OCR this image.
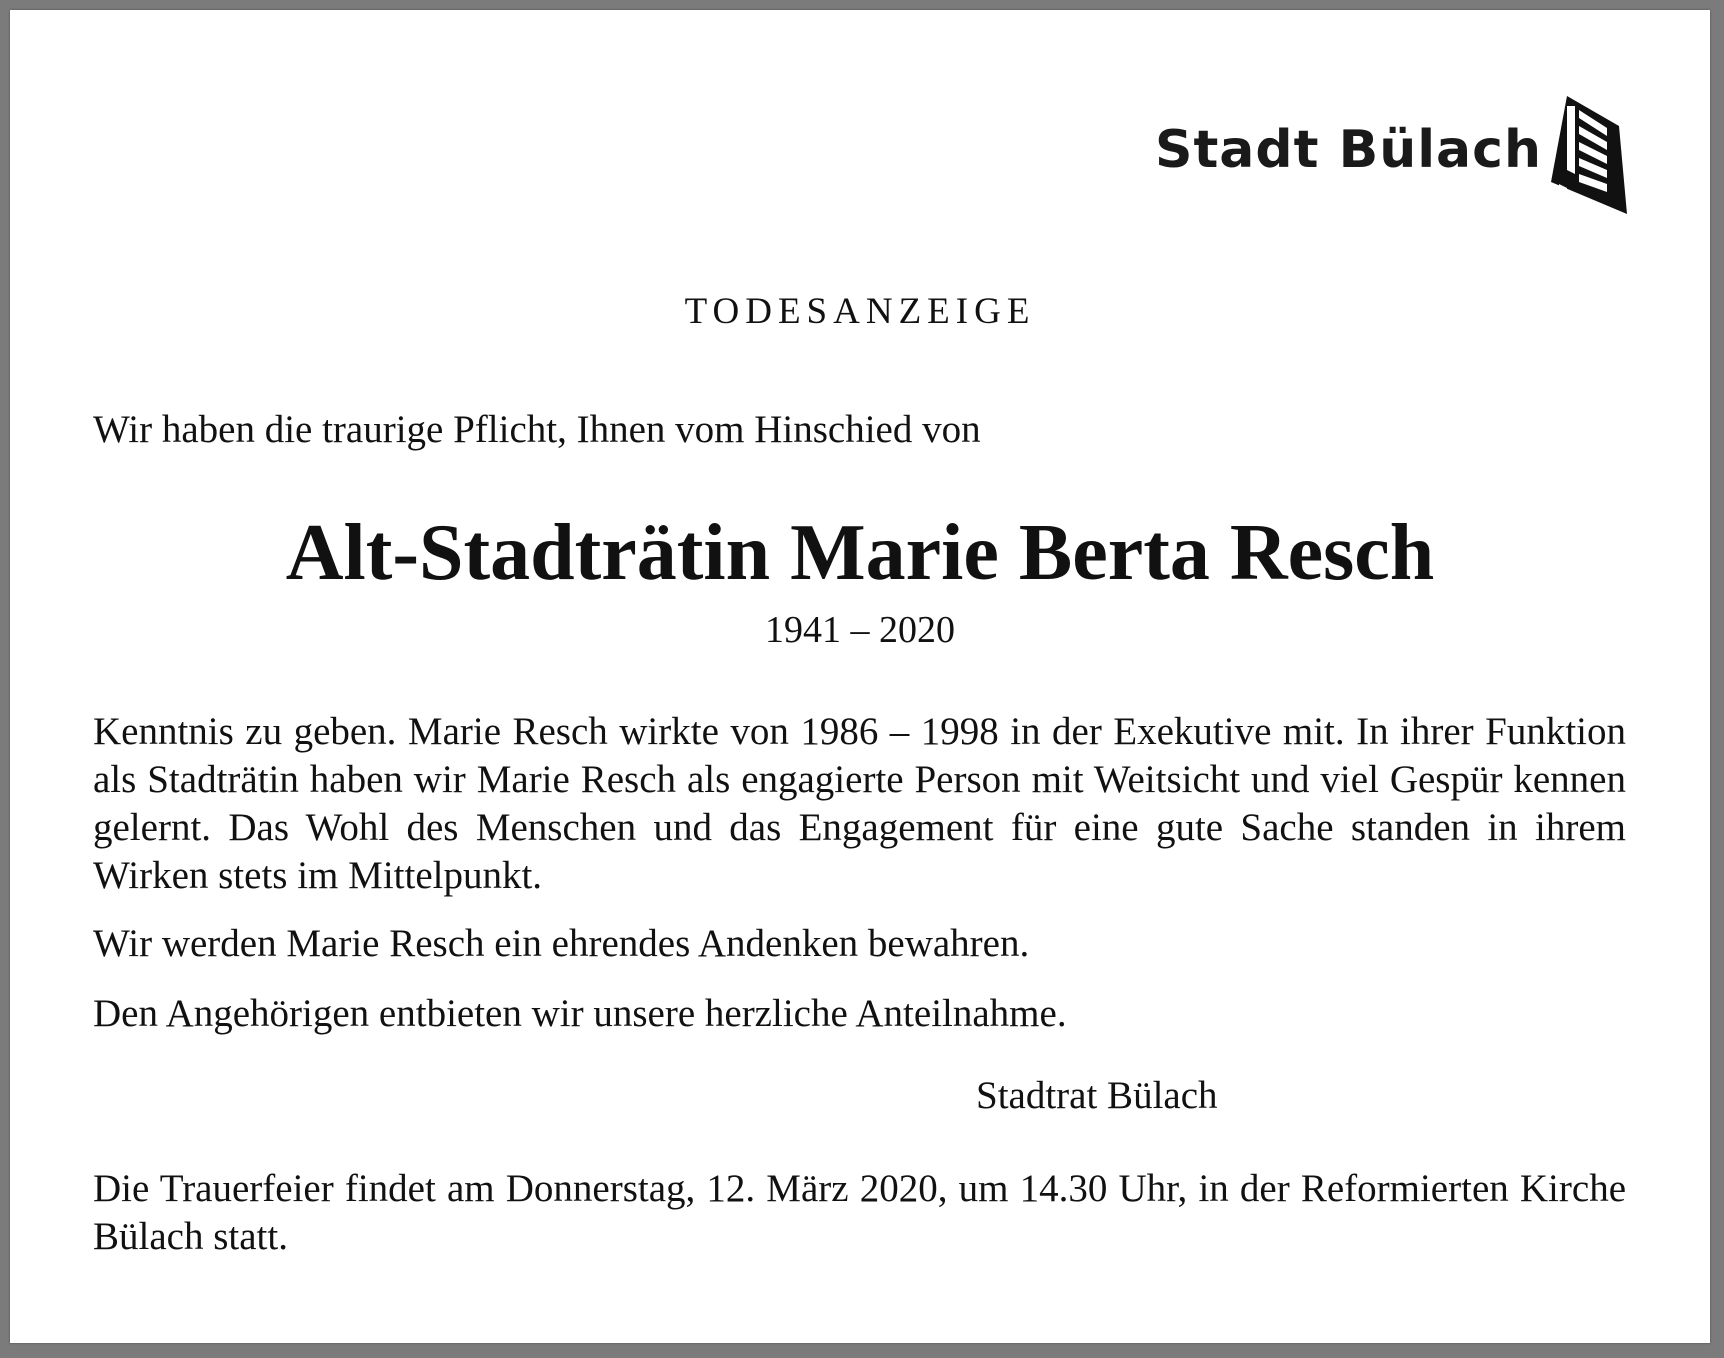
Stadt Bülach

TODESANZEIGE

Wir haben die traurige Pflicht, Ihnen vom Hinschied von

Alt-Stadträtin Marie Berta Resch

1941 – 2020

Kenntnis zu geben. Marie Resch wirkte von 1986 – 1998 in der Exekutive mit. In ihrer Funktion als Stadträtin haben wir Marie Resch als engagierte Person mit Weitsicht und viel Gespür kennen gelernt. Das Wohl des Menschen und das Engagement für eine gute Sache standen in ihrem Wirken stets im Mittelpunkt.

Wir werden Marie Resch ein ehrendes Andenken bewahren.

Den Angehörigen entbieten wir unsere herzliche Anteilnahme.

Stadtrat Bülach

Die Trauerfeier findet am Donnerstag, 12. März 2020, um 14.30 Uhr, in der Reformierten Kirche Bülach statt.
